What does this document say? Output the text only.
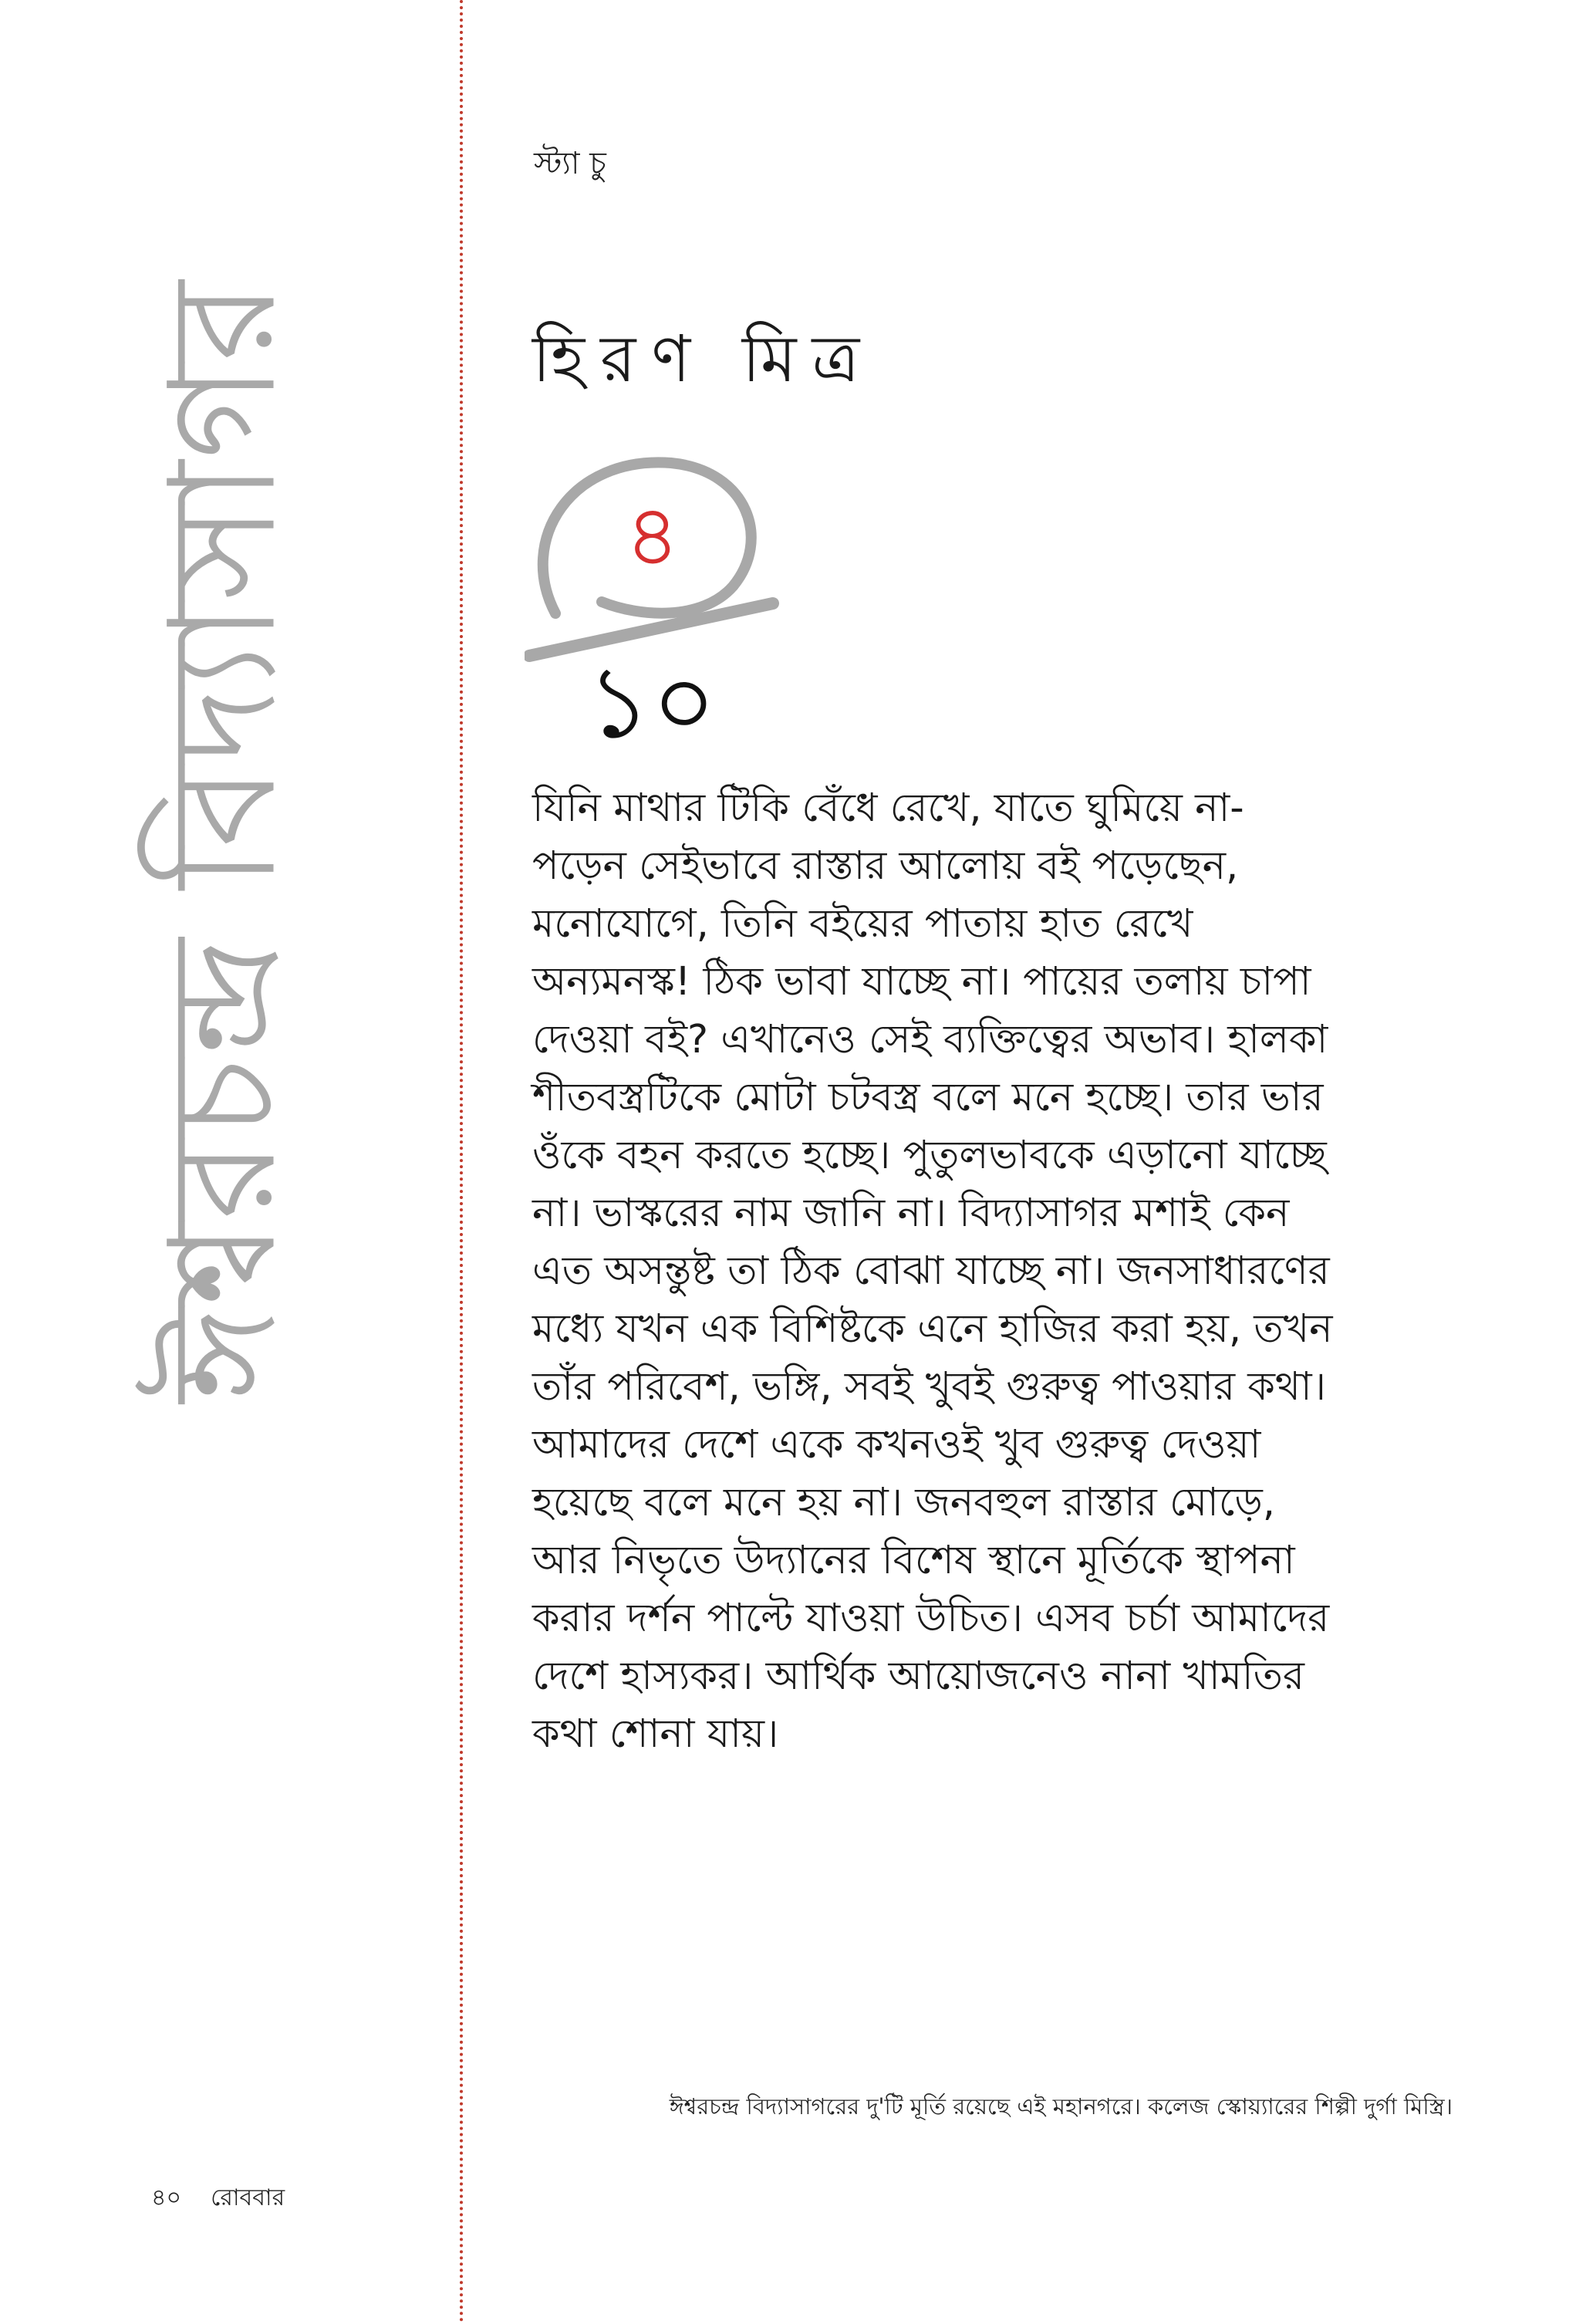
ঈশ্বরচন্দ্র বিদ্যাসাগর
স্ট্যা চু
হিরণ মিত্র
৪
১০

যিনি মাথার টিকি বেঁধে রেখে, যাতে ঘুমিয়ে না-
পড়েন সেইভাবে রাস্তার আলোয় বই পড়েছেন,
মনোযোগে, তিনি বইয়ের পাতায় হাত রেখে
অন্যমনস্ক! ঠিক ভাবা যাচ্ছে না। পায়ের তলায় চাপা
দেওয়া বই? এখানেও সেই ব্যক্তিত্বের অভাব। হালকা
শীতবস্ত্রটিকে মোটা চটবস্ত্র বলে মনে হচ্ছে। তার ভার
ওঁকে বহন করতে হচ্ছে। পুতুলভাবকে এড়ানো যাচ্ছে
না। ভাস্করের নাম জানি না। বিদ্যাসাগর মশাই কেন
এত অসন্তুষ্ট তা ঠিক বোঝা যাচ্ছে না। জনসাধারণের
মধ্যে যখন এক বিশিষ্টকে এনে হাজির করা হয়, তখন
তাঁর পরিবেশ, ভঙ্গি, সবই খুবই গুরুত্ব পাওয়ার কথা।
আমাদের দেশে একে কখনওই খুব গুরুত্ব দেওয়া
হয়েছে বলে মনে হয় না। জনবহুল রাস্তার মোড়ে,
আর নিভৃতে উদ্যানের বিশেষ স্থানে মূর্তিকে স্থাপনা
করার দর্শন পাল্টে যাওয়া উচিত। এসব চর্চা আমাদের
দেশে হাস্যকর। আর্থিক আয়োজনেও নানা খামতির
কথা শোনা যায়।

ঈশ্বরচন্দ্র বিদ্যাসাগরের দু'টি মূর্তি রয়েছে এই মহানগরে। কলেজ স্কোয়্যারের শিল্পী দুর্গা মিস্ত্রি।
৪০ রোববার
